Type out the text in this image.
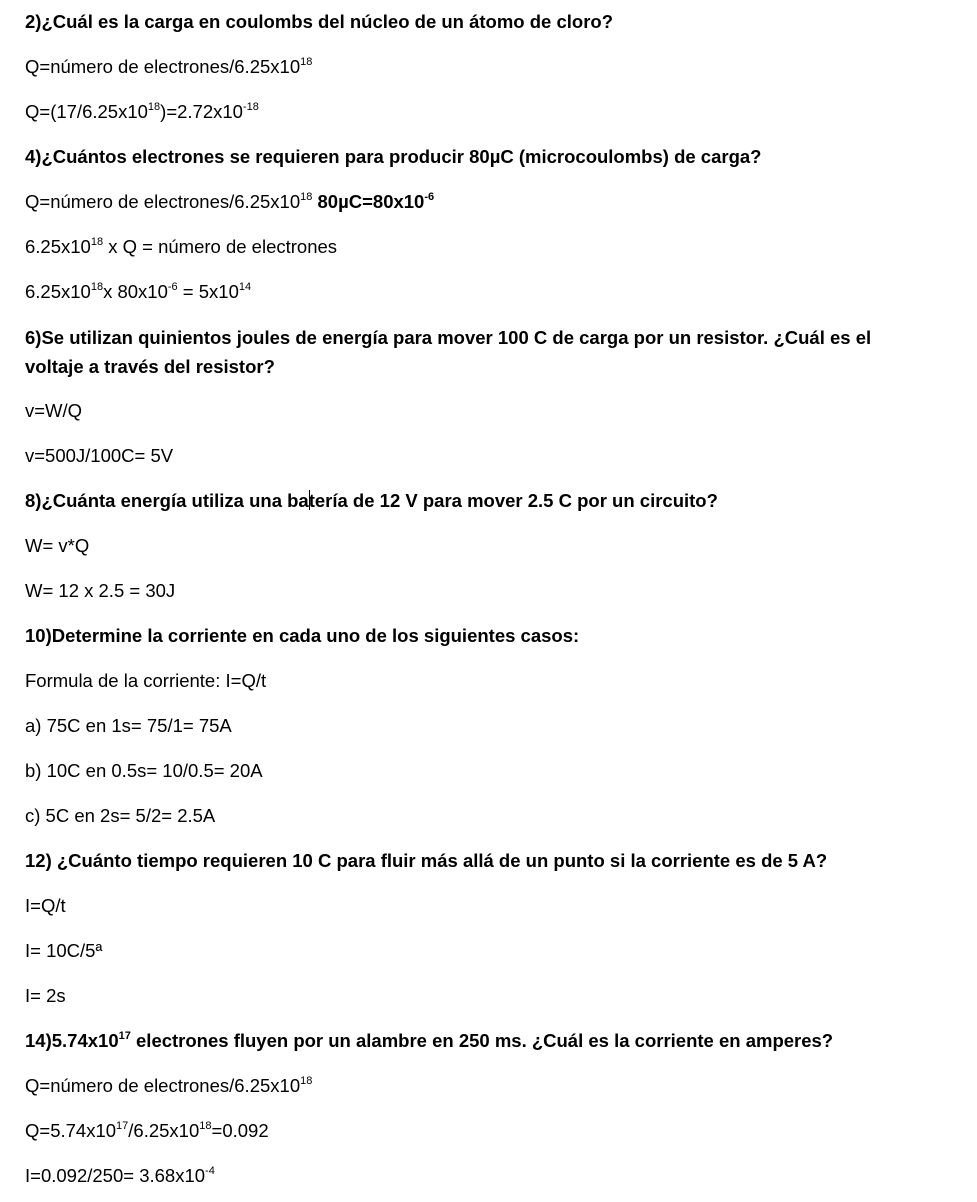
2)¿Cuál es la carga en coulombs del núcleo de un átomo de cloro?
Q=número de electrones/$6.25x10^{18}$
$Q=(17/6.25x10^{18})=2.72x10^{-18}$
4)¿Cuántos electrones se requieren para producir 80µC (microcoulombs) de carga?
Q=número de electrones/$6.25x10^{18}$ $80\mu C=80x10^{-6}$
$6.25x10^{18}$ x Q = número de electrones
$6.25x10^{18}x$ $80x10^{-6} = 5x10^{14}$
6)Se utilizan quinientos joules de energía para mover 100 C de carga por un resistor. ¿Cuál es el voltaje a través del resistor?
v=W/Q
v=500J/100C= 5V
8)¿Cuánta energía utiliza una batería de 12 V para mover 2.5 C por un circuito?
W= v*Q
W= 12 x 2.5 = 30J
10)Determine la corriente en cada uno de los siguientes casos:
Formula de la corriente: I=Q/t
a) 75C en 1s= 75/1= 75A
b) 10C en 0.5s= 10/0.5= 20A
c) 5C en 2s= 5/2= 2.5A
12) ¿Cuánto tiempo requieren 10 C para fluir más allá de un punto si la corriente es de 5 A?
I=Q/t
I= 10C/5ª
I= 2s
$14)5.74x10^{17}$ electrones fluyen por un alambre en 250 ms. ¿Cuál es la corriente en amperes?
Q=número de electrones/$6.25x10^{18}$
$Q=5.74x10^{17}/6.25x10^{18}=0.092$
$I=0.092/250= 3.68x10^{-4}$
